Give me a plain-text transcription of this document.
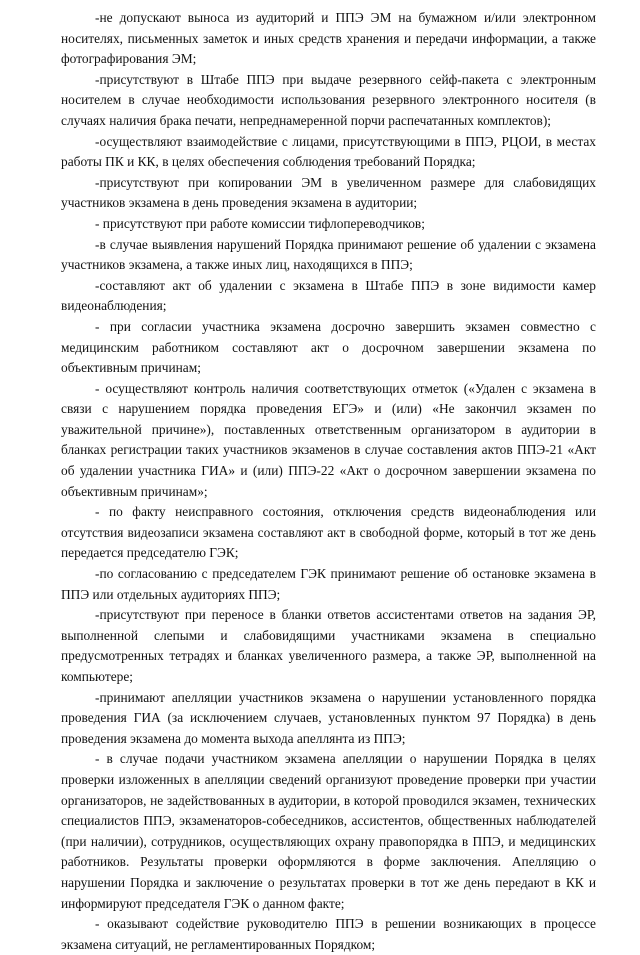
-не допускают выноса из аудиторий и ППЭ ЭМ на бумажном и/или электронном носителях, письменных заметок и иных средств хранения и передачи информации, а также фотографирования ЭМ;

-присутствуют в Штабе ППЭ при выдаче резервного сейф-пакета с электронным носителем в случае необходимости использования резервного электронного носителя (в случаях наличия брака печати, непреднамеренной порчи распечатанных комплектов);

-осуществляют взаимодействие с лицами, присутствующими в ППЭ, РЦОИ, в местах работы ПК и КК, в целях обеспечения соблюдения требований Порядка;

-присутствуют при копировании ЭМ в увеличенном размере для слабовидящих участников экзамена в день проведения экзамена в аудитории;

- присутствуют при работе комиссии тифлопереводчиков;

-в случае выявления нарушений Порядка принимают решение об удалении с экзамена участников экзамена, а также иных лиц, находящихся в ППЭ;

-составляют акт об удалении с экзамена в Штабе ППЭ в зоне видимости камер видеонаблюдения;

- при согласии участника экзамена досрочно завершить экзамен совместно с медицинским работником составляют акт о досрочном завершении экзамена по объективным причинам;

- осуществляют контроль наличия соответствующих отметок («Удален с экзамена в связи с нарушением порядка проведения ЕГЭ» и (или) «Не закончил экзамен по уважительной причине»), поставленных ответственным организатором в аудитории в бланках регистрации таких участников экзаменов в случае составления актов ППЭ-21 «Акт об удалении участника ГИА» и (или) ППЭ-22 «Акт о досрочном завершении экзамена по объективным причинам»;

- по факту неисправного состояния, отключения средств видеонаблюдения или отсутствия видеозаписи экзамена составляют акт в свободной форме, который в тот же день передается председателю ГЭК;

-по согласованию с председателем ГЭК принимают решение об остановке экзамена в ППЭ или отдельных аудиториях ППЭ;

-присутствуют при переносе в бланки ответов ассистентами ответов на задания ЭР, выполненной слепыми и слабовидящими участниками экзамена в специально предусмотренных тетрадях и бланках увеличенного размера, а также ЭР, выполненной на компьютере;

-принимают апелляции участников экзамена о нарушении установленного порядка проведения ГИА (за исключением случаев, установленных пунктом 97 Порядка) в день проведения экзамена до момента выхода апеллянта из ППЭ;

- в случае подачи участником экзамена апелляции о нарушении Порядка в целях проверки изложенных в апелляции сведений организуют проведение проверки при участии организаторов, не задействованных в аудитории, в которой проводился экзамен, технических специалистов ППЭ, экзаменаторов-собеседников, ассистентов, общественных наблюдателей (при наличии), сотрудников, осуществляющих охрану правопорядка в ППЭ, и медицинских работников. Результаты проверки оформляются в форме заключения. Апелляцию о нарушении Порядка и заключение о результатах проверки в тот же день передают в КК и информируют председателя ГЭК о данном факте;

- оказывают содействие руководителю ППЭ в решении возникающих в процессе экзамена ситуаций, не регламентированных Порядком;
